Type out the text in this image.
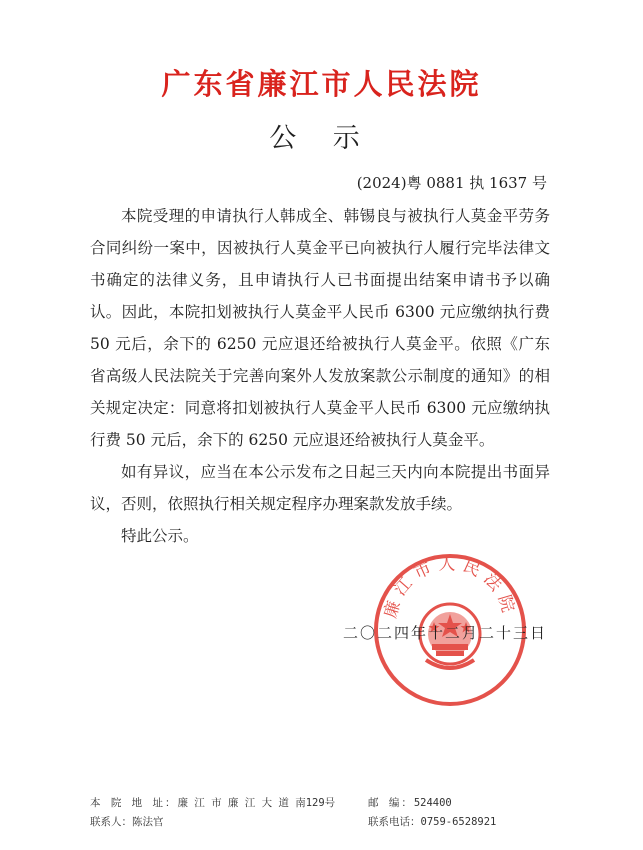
广东省廉江市人民法院
公 示
(2024)粤 0881 执 1637 号

本院受理的申请执行人韩成全、韩锡良与被执行人莫金平劳务合同纠纷一案中，因被执行人莫金平已向被执行人履行完毕法律文书确定的法律义务，且申请执行人已书面提出结案申请书予以确认。因此，本院扣划被执行人莫金平人民币 6300 元应缴纳执行费 50 元后，余下的 6250 元应退还给被执行人莫金平。依照《广东省高级人民法院关于完善向案外人发放案款公示制度的通知》的相关规定决定：同意将扣划被执行人莫金平人民币 6300 元应缴纳执行费 50 元后，余下的 6250 元应退还给被执行人莫金平。

如有异议，应当在本公示发布之日起三天内向本院提出书面异议，否则，依照执行相关规定程序办理案款发放手续。

特此公示。

廉江市人民法院
二〇二四年十二月二十三日
本 院 地 址：廉 江 市 廉 江 大 道 南129号	邮 编：524400
联系人：陈法官	联系电话：0759-6528921
